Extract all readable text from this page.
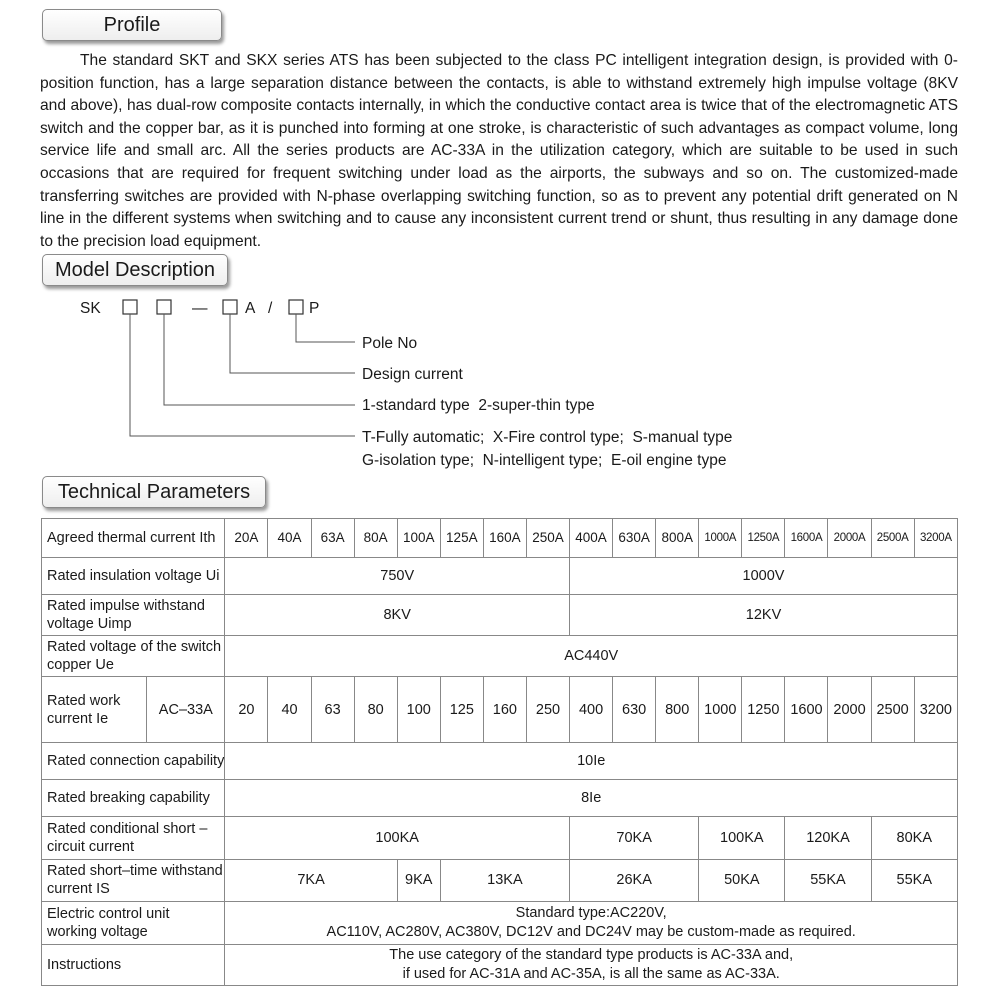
Profile

The standard SKT and SKX series ATS has been subjected to the class PC intelligent integration design, is provided with 0-position function, has a large separation distance between the contacts, is able to withstand extremely high impulse voltage (8KV and above), has dual-row composite contacts internally, in which the conductive contact area is twice that of the electromagnetic ATS switch and the copper bar, as it is punched into forming at one stroke, is characteristic of such advantages as compact volume, long service life and small arc. All the series products are AC-33A in the utilization category, which are suitable to be used in such occasions that are required for frequent switching under load as the airports, the subways and so on. The customized-made transferring switches are provided with N-phase overlapping switching function, so as to prevent any potential drift generated on N line in the different systems when switching and to cause any inconsistent current trend or shunt, thus resulting in any damage done to the precision load equipment.

Model Description
SK	— A / P
Pole No
Design current
1-standard type  2-super-thin type
T-Fully automatic;  X-Fire control type;  S-manual type
G-isolation type;  N-intelligent type;  E-oil engine type
Technical Parameters
Agreed thermal current Ith		20A	40A	63A	80A	100A	125A	160A	250A	400A	630A	800A	1000A	1250A	1600A	2000A	2500A	3200A
Rated insulation voltage Ui		750V								1000V								
Rated impulse withstand voltage Uimp		8KV								12KV								
Rated voltage of the switch copper Ue		AC440V																
Rated work current Ie	AC–33A	20	40	63	80	100	125	160	250	400	630	800	1000	1250	1600	2000	2500	3200
Rated connection capability		10Ie																
Rated breaking capability		8Ie																
Rated conditional short –circuit current		100KA								70KA			100KA		120KA		80KA	
Rated short–time withstand current IS		7KA				9KA	13KA			26KA			50KA		55KA		55KA	
Electric control unit working voltage		Standard type:AC220V,
AC110V, AC280V, AC380V, DC12V and DC24V may be custom-made as required.																

Instructions		The use category of the standard type products is AC-33A and,
if used for AC-31A and AC-35A, is all the same as AC-33A.																
